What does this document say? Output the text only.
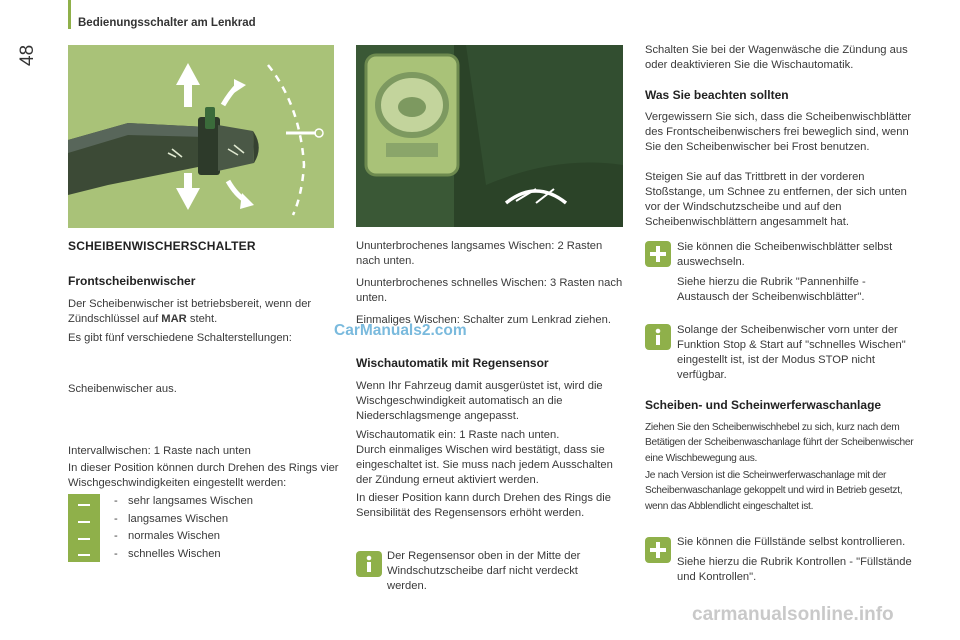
Bedienungsschalter am Lenkrad
48
SCHEIBENWISCHERSCHALTER
Frontscheibenwischer

Der Scheibenwischer ist betriebsbereit, wenn der Zündschlüssel auf MAR steht.

Es gibt fünf verschiedene Schalterstellungen:

Scheibenwischer aus.

Intervallwischen: 1 Raste nach unten

In dieser Position können durch Drehen des Rings vier Wischgeschwindigkeiten eingestellt werden:

- sehr langsames Wischen
- langsames Wischen
- normales Wischen
- schnelles Wischen

Ununterbrochenes langsames Wischen: 2 Rasten nach unten.

Ununterbrochenes schnelles Wischen: 3 Rasten nach unten.

Einmaliges Wischen: Schalter zum Lenkrad ziehen.

Wischautomatik mit Regensensor

Wenn Ihr Fahrzeug damit ausgerüstet ist, wird die Wischgeschwindigkeit automatisch an die Niederschlagsmenge angepasst.

Wischautomatik ein: 1 Raste nach unten.

Durch einmaliges Wischen wird bestätigt, dass sie eingeschaltet ist. Sie muss nach jedem Ausschalten der Zündung erneut aktiviert werden.

In dieser Position kann durch Drehen des Rings die Sensibilität des Regensensors erhöht werden.

Der Regensensor oben in der Mitte der Windschutzscheibe darf nicht verdeckt werden.

Schalten Sie bei der Wagenwäsche die Zündung aus oder deaktivieren Sie die Wischautomatik.

Was Sie beachten sollten

Vergewissern Sie sich, dass die Scheibenwischblätter des Frontscheibenwischers frei beweglich sind, wenn Sie den Scheibenwischer bei Frost benutzen.

Steigen Sie auf das Trittbrett in der vorderen Stoßstange, um Schnee zu entfernen, der sich unten vor der Windschutzscheibe und auf den Scheibenwischblättern angesammelt hat.

Sie können die Scheibenwischblätter selbst auswechseln.

Siehe hierzu die Rubrik "Pannenhilfe - Austausch der Scheibenwischblätter".

Solange der Scheibenwischer vorn unter der Funktion Stop & Start auf "schnelles Wischen" eingestellt ist, ist der Modus STOP nicht verfügbar.

Scheiben- und Scheinwerferwaschanlage

Ziehen Sie den Scheibenwischhebel zu sich, kurz nach dem Betätigen der Scheibenwaschanlage führt der Scheibenwischer eine Wischbewegung aus.

Je nach Version ist die Scheinwerferwaschanlage mit der Scheibenwaschanlage gekoppelt und wird in Betrieb gesetzt, wenn das Abblendlicht eingeschaltet ist.

Sie können die Füllstände selbst kontrollieren.

Siehe hierzu die Rubrik Kontrollen - "Füllstände und Kontrollen".

CarManuals2.com
carmanualsonline.info
